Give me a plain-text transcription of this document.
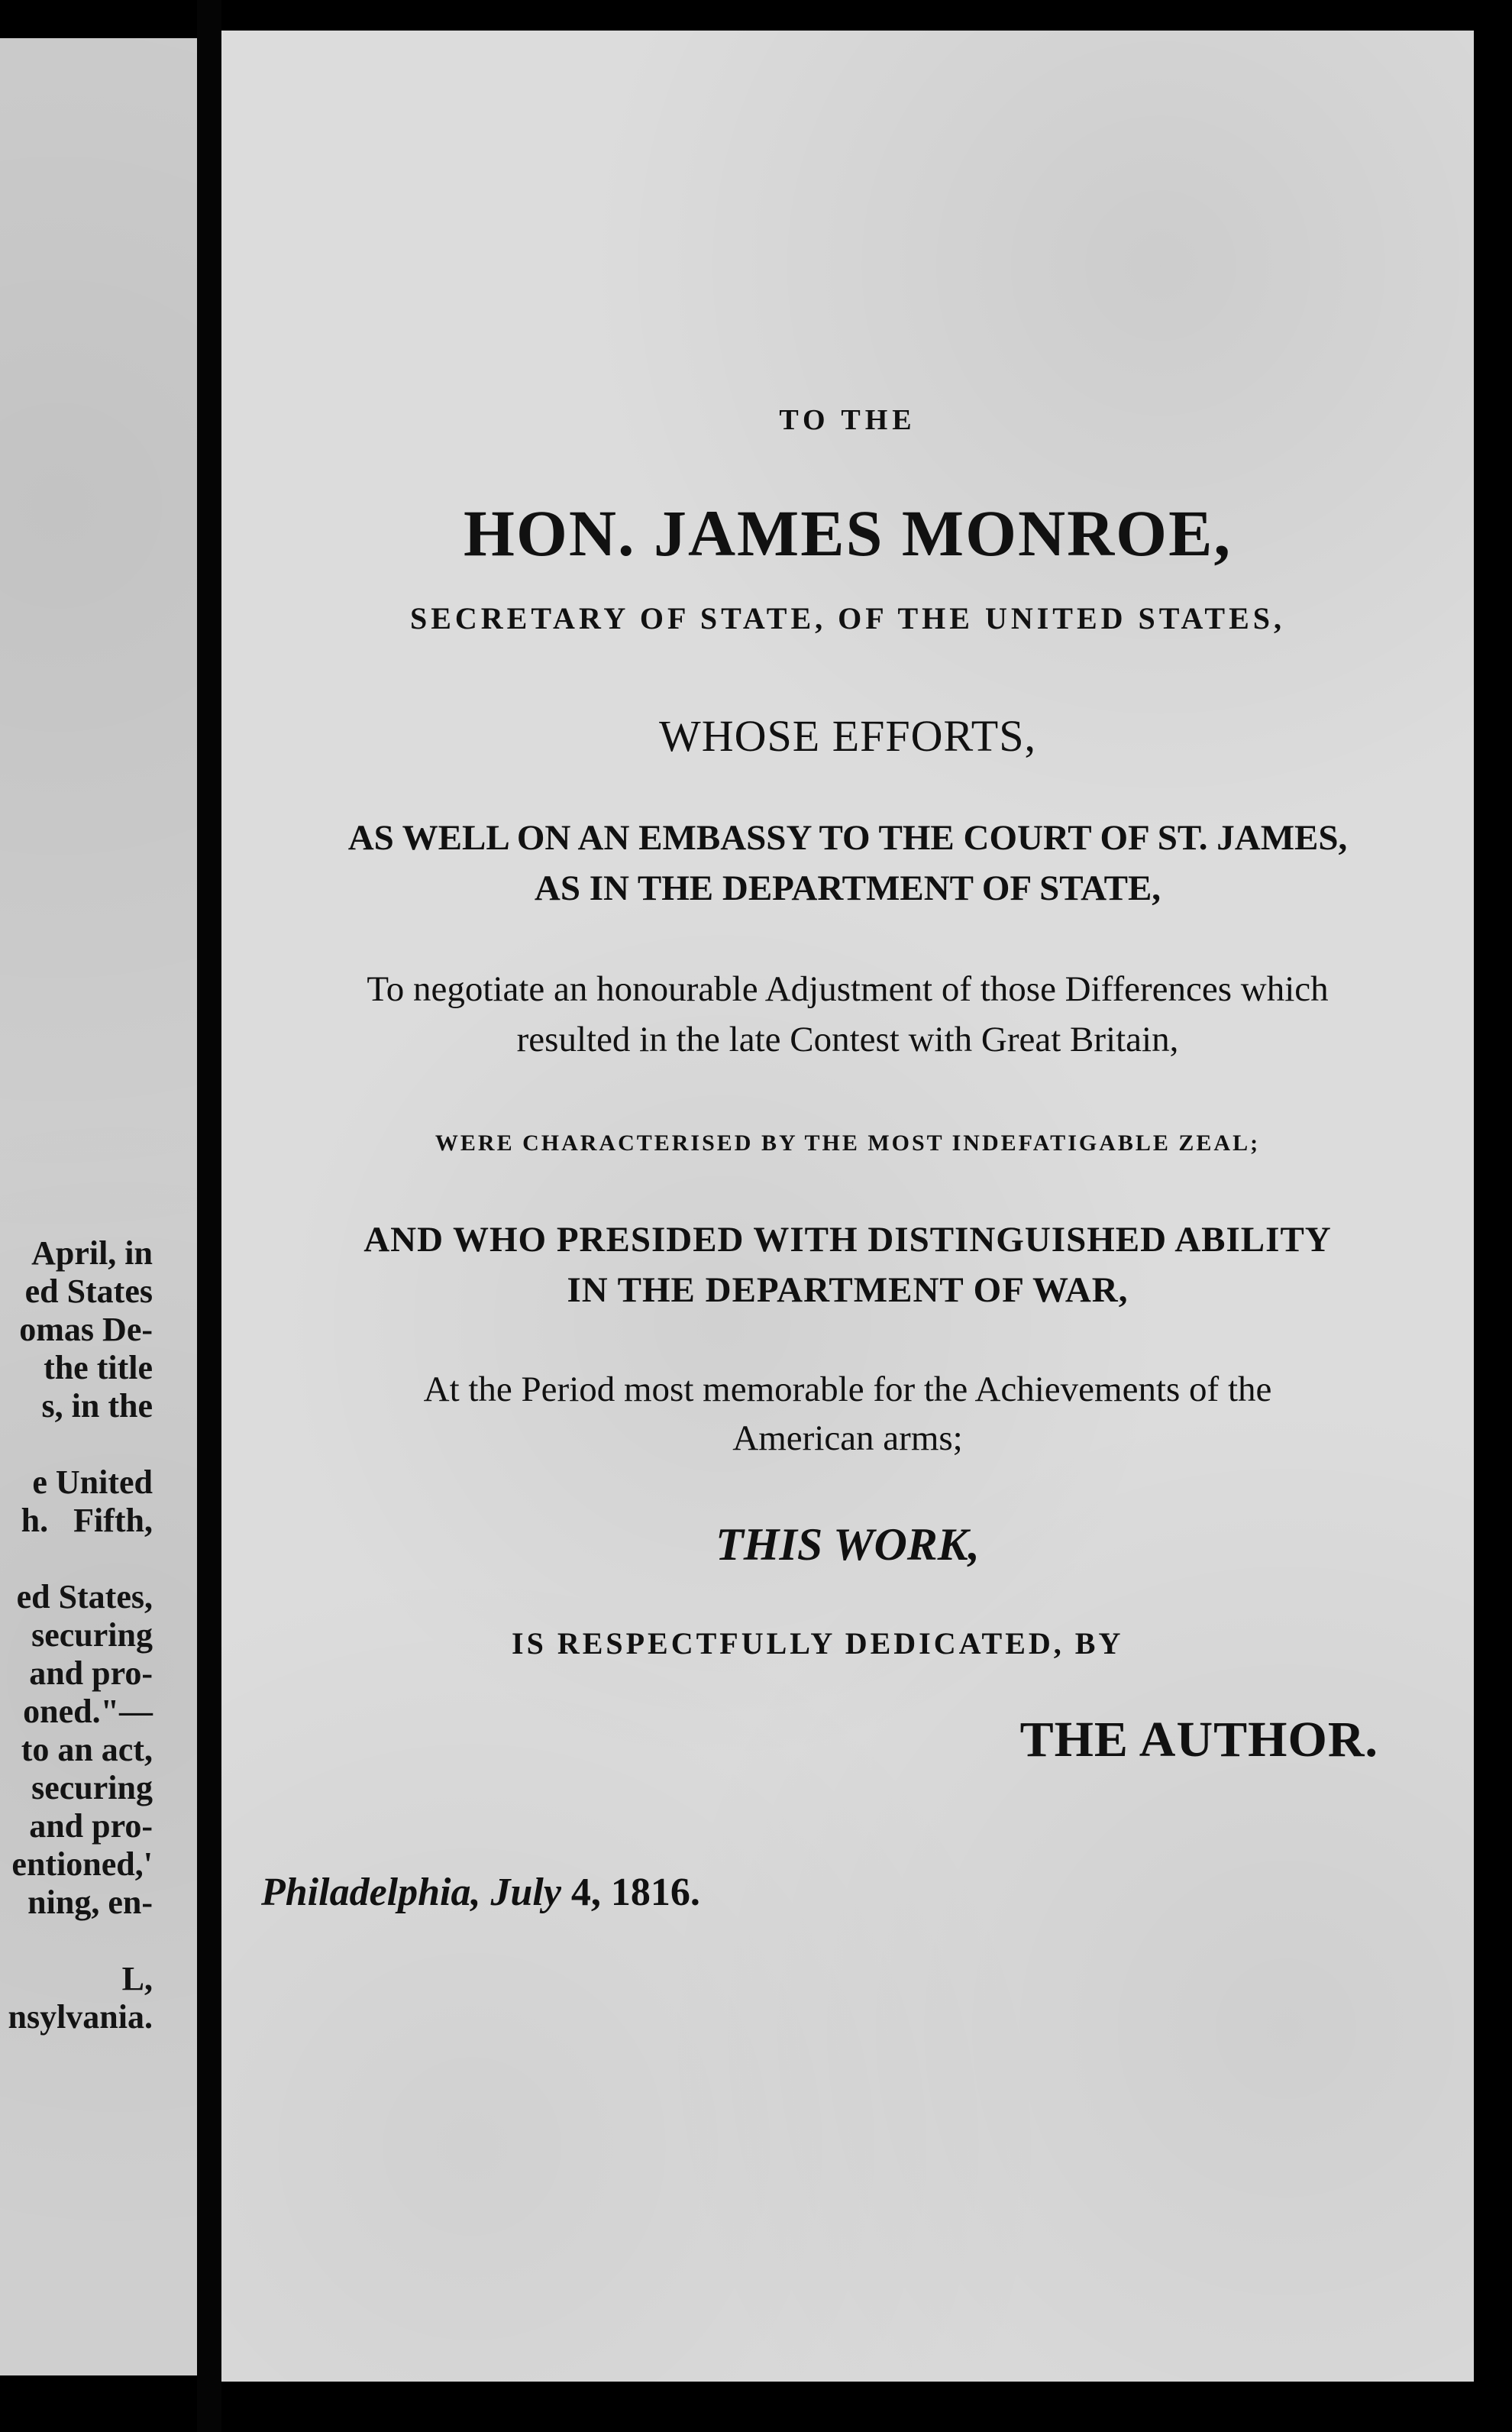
April, in
ed States
omas De-
the title
s, in the

e United
h.   Fifth,

ed States,
securing
and pro-
oned."—
to an act,
securing
and pro-
entioned,'
ning, en-

L,
nsylvania.
TO THE
HON. JAMES MONROE,
SECRETARY OF STATE, OF THE UNITED STATES,
WHOSE EFFORTS,
AS WELL ON AN EMBASSY TO THE COURT OF ST. JAMES,
AS IN THE DEPARTMENT OF STATE,
To negotiate an honourable Adjustment of those Differences which
resulted in the late Contest with Great Britain,
WERE CHARACTERISED BY THE MOST INDEFATIGABLE ZEAL;
AND WHO PRESIDED WITH DISTINGUISHED ABILITY
IN THE DEPARTMENT OF WAR,
At the Period most memorable for the Achievements of the
American arms;
THIS WORK,
IS RESPECTFULLY DEDICATED, BY
THE AUTHOR.
Philadelphia, July 4, 1816.
